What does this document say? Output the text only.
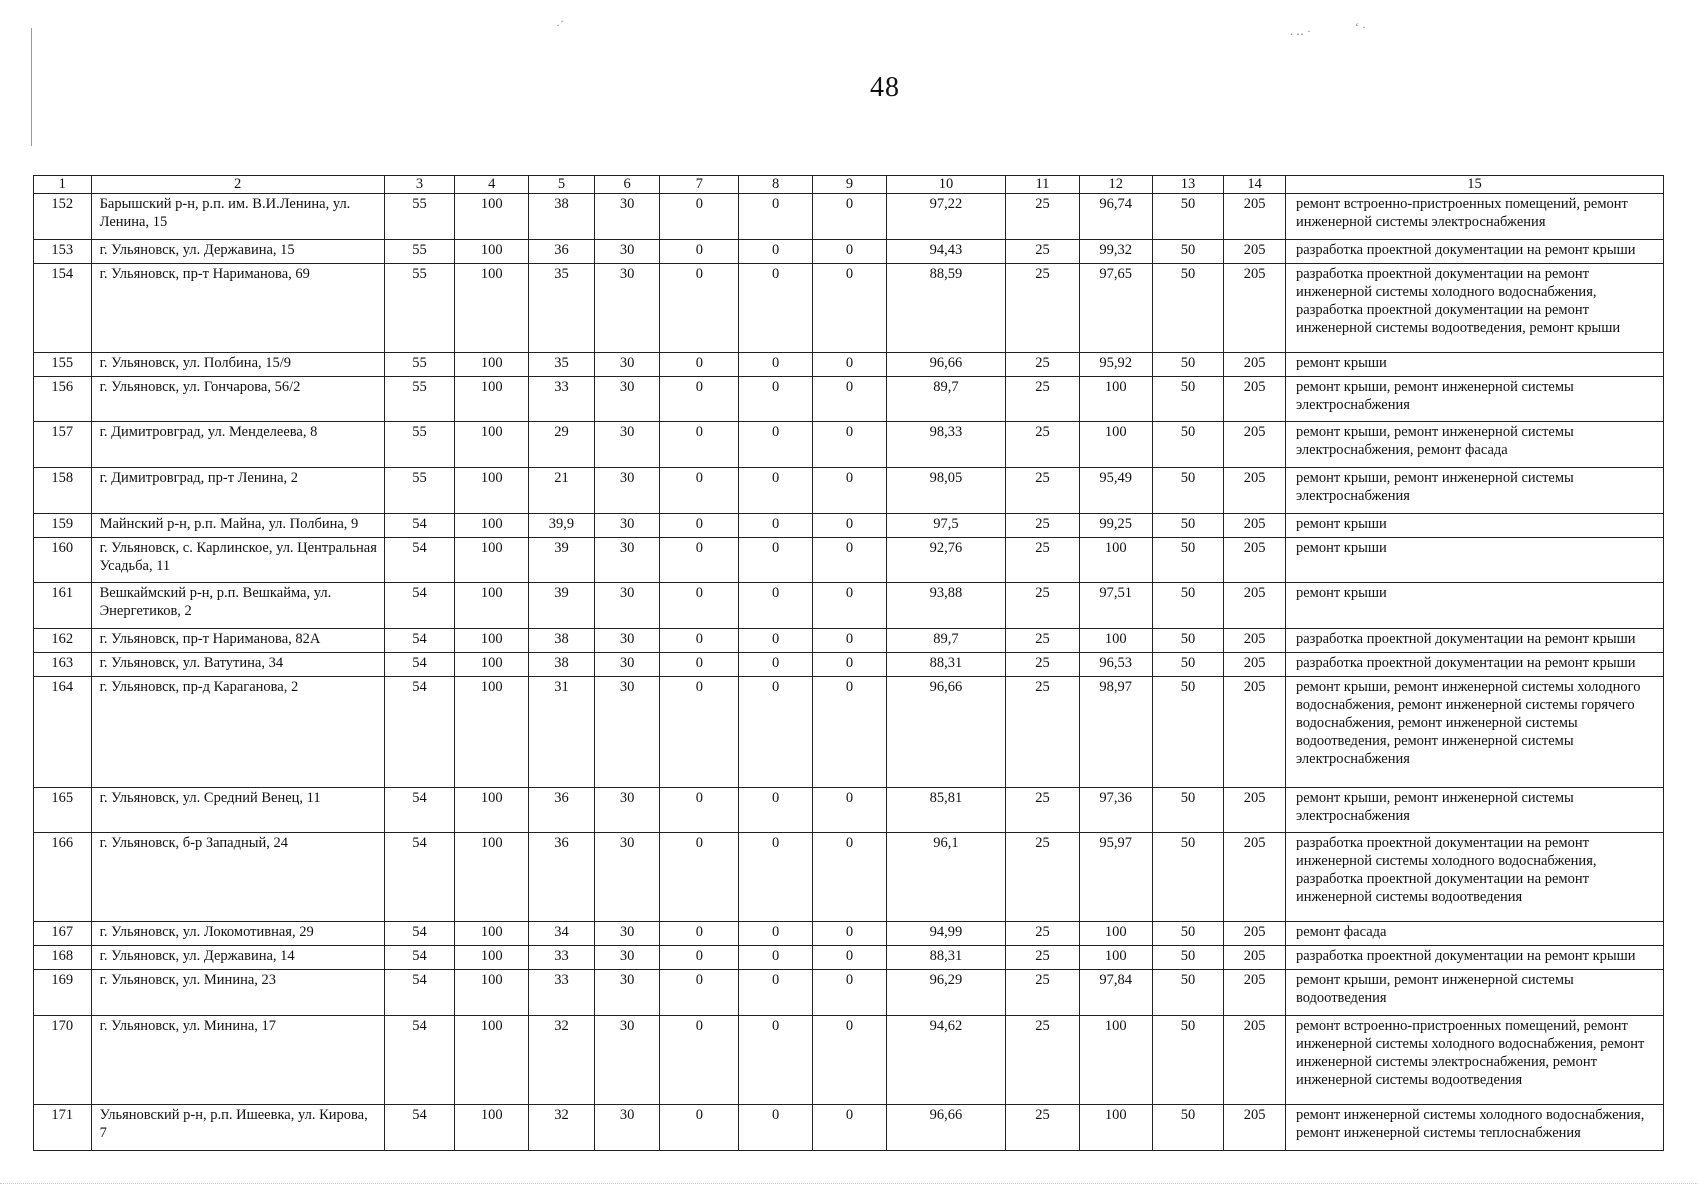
·´	. ‥ ·	‘ ·
48
1	2	3	4	5	6	7	8	9	10	11	12	13	14	15
152	Барышский р-н, р.п. им. В.И.Ленина, ул. Ленина, 15	55	100	38	30	0	0	0	97,22	25	96,74	50	205	ремонт встроенно-пристроенных помещений, ремонт инженерной системы электроснабжения
153	г. Ульяновск, ул. Державина, 15	55	100	36	30	0	0	0	94,43	25	99,32	50	205	разработка проектной документации на ремонт крыши
154	г. Ульяновск, пр-т Нариманова, 69	55	100	35	30	0	0	0	88,59	25	97,65	50	205	разработка проектной документации на ремонт инженерной системы холодного водоснабжения, разработка проектной документации на ремонт инженерной системы водоотведения, ремонт крыши
155	г. Ульяновск, ул. Полбина, 15/9	55	100	35	30	0	0	0	96,66	25	95,92	50	205	ремонт крыши
156	г. Ульяновск, ул. Гончарова, 56/2	55	100	33	30	0	0	0	89,7	25	100	50	205	ремонт крыши, ремонт инженерной системы электроснабжения
157	г. Димитровград, ул. Менделеева, 8	55	100	29	30	0	0	0	98,33	25	100	50	205	ремонт крыши, ремонт инженерной системы электроснабжения, ремонт фасада
158	г. Димитровград, пр-т Ленина, 2	55	100	21	30	0	0	0	98,05	25	95,49	50	205	ремонт крыши, ремонт инженерной системы электроснабжения
159	Майнский р-н, р.п. Майна, ул. Полбина, 9	54	100	39,9	30	0	0	0	97,5	25	99,25	50	205	ремонт крыши
160	г. Ульяновск, с. Карлинское, ул. Центральная Усадьба, 11	54	100	39	30	0	0	0	92,76	25	100	50	205	ремонт крыши
161	Вешкаймский р-н, р.п. Вешкайма, ул. Энергетиков, 2	54	100	39	30	0	0	0	93,88	25	97,51	50	205	ремонт крыши
162	г. Ульяновск, пр-т Нариманова, 82А	54	100	38	30	0	0	0	89,7	25	100	50	205	разработка проектной документации на ремонт крыши
163	г. Ульяновск, ул. Ватутина, 34	54	100	38	30	0	0	0	88,31	25	96,53	50	205	разработка проектной документации на ремонт крыши
164	г. Ульяновск, пр-д Караганова, 2	54	100	31	30	0	0	0	96,66	25	98,97	50	205	ремонт крыши, ремонт инженерной системы холодного водоснабжения, ремонт инженерной системы горячего водоснабжения, ремонт инженерной системы водоотведения, ремонт инженерной системы электроснабжения
165	г. Ульяновск, ул. Средний Венец, 11	54	100	36	30	0	0	0	85,81	25	97,36	50	205	ремонт крыши, ремонт инженерной системы электроснабжения
166	г. Ульяновск, б-р Западный, 24	54	100	36	30	0	0	0	96,1	25	95,97	50	205	разработка проектной документации на ремонт инженерной системы холодного водоснабжения, разработка проектной документации на ремонт инженерной системы водоотведения
167	г. Ульяновск, ул. Локомотивная, 29	54	100	34	30	0	0	0	94,99	25	100	50	205	ремонт фасада
168	г. Ульяновск, ул. Державина, 14	54	100	33	30	0	0	0	88,31	25	100	50	205	разработка проектной документации на ремонт крыши
169	г. Ульяновск, ул. Минина, 23	54	100	33	30	0	0	0	96,29	25	97,84	50	205	ремонт крыши, ремонт инженерной системы водоотведения
170	г. Ульяновск, ул. Минина, 17	54	100	32	30	0	0	0	94,62	25	100	50	205	ремонт встроенно-пристроенных помещений, ремонт инженерной системы холодного водоснабжения, ремонт инженерной системы электроснабжения, ремонт инженерной системы водоотведения
171	Ульяновский р-н, р.п. Ишеевка, ул. Кирова, 7	54	100	32	30	0	0	0	96,66	25	100	50	205	ремонт инженерной системы холодного водоснабжения, ремонт инженерной системы теплоснабжения
